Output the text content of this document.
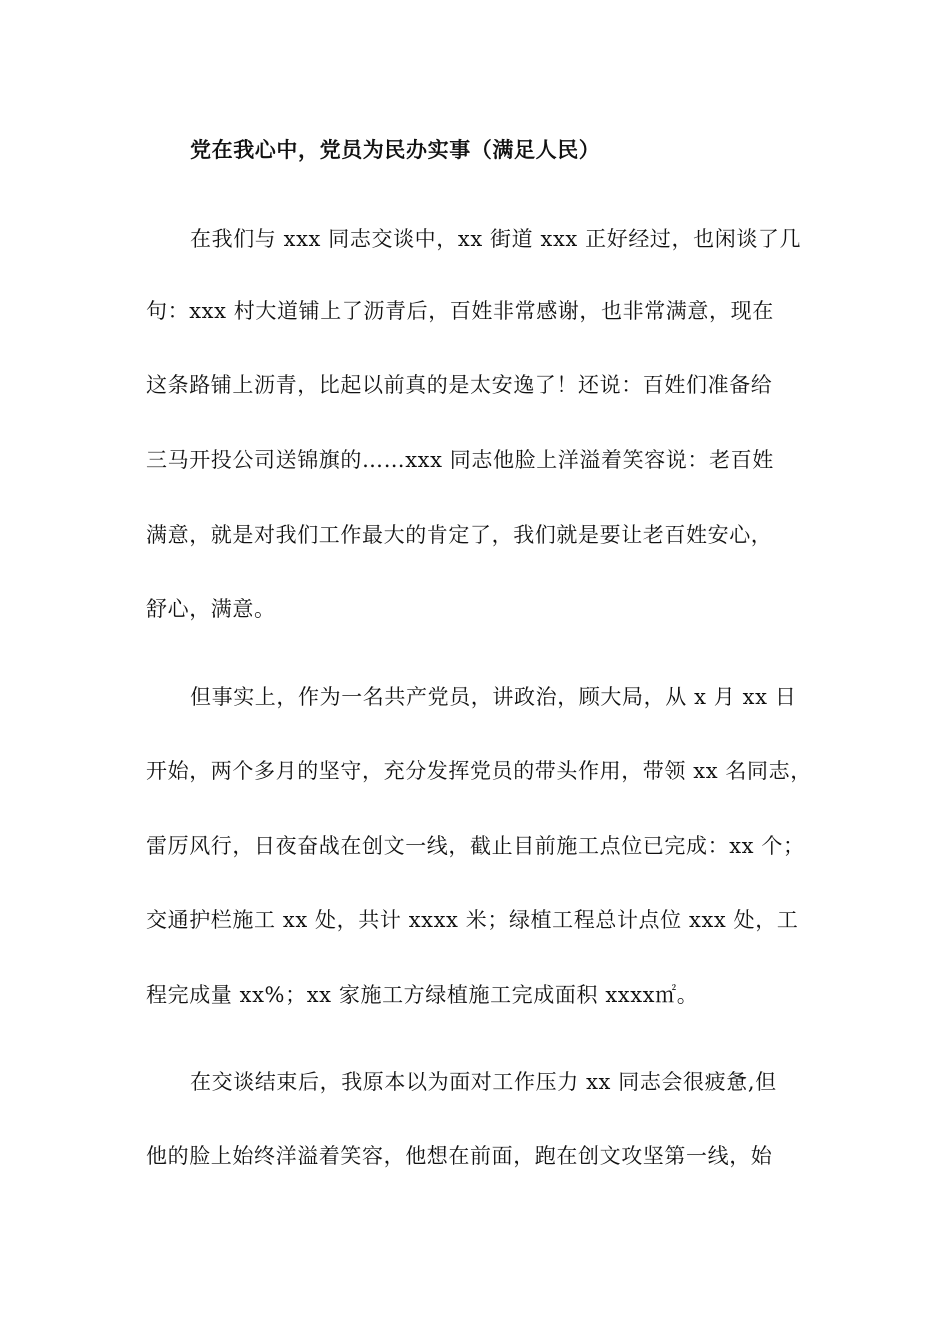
党在我心中，党员为民办实事（满足人民）
在我们与 xxx 同志交谈中，xx 街道 xxx 正好经过，也闲谈了几
句：xxx 村大道铺上了沥青后，百姓非常感谢，也非常满意，现在
这条路铺上沥青，比起以前真的是太安逸了！还说：百姓们准备给
三马开投公司送锦旗的……xxx 同志他脸上洋溢着笑容说：老百姓
满意，就是对我们工作最大的肯定了，我们就是要让老百姓安心，
舒心，满意。
但事实上，作为一名共产党员，讲政治，顾大局，从 x 月 xx 日
开始，两个多月的坚守，充分发挥党员的带头作用，带领 xx 名同志，
雷厉风行，日夜奋战在创文一线，截止目前施工点位已完成：xx 个；
交通护栏施工 xx 处，共计 xxxx 米；绿植工程总计点位 xxx 处，工
程完成量 xx%；xx 家施工方绿植施工完成面积 xxxx㎡。
在交谈结束后，我原本以为面对工作压力 xx 同志会很疲惫,但
他的脸上始终洋溢着笑容，他想在前面，跑在创文攻坚第一线，始
